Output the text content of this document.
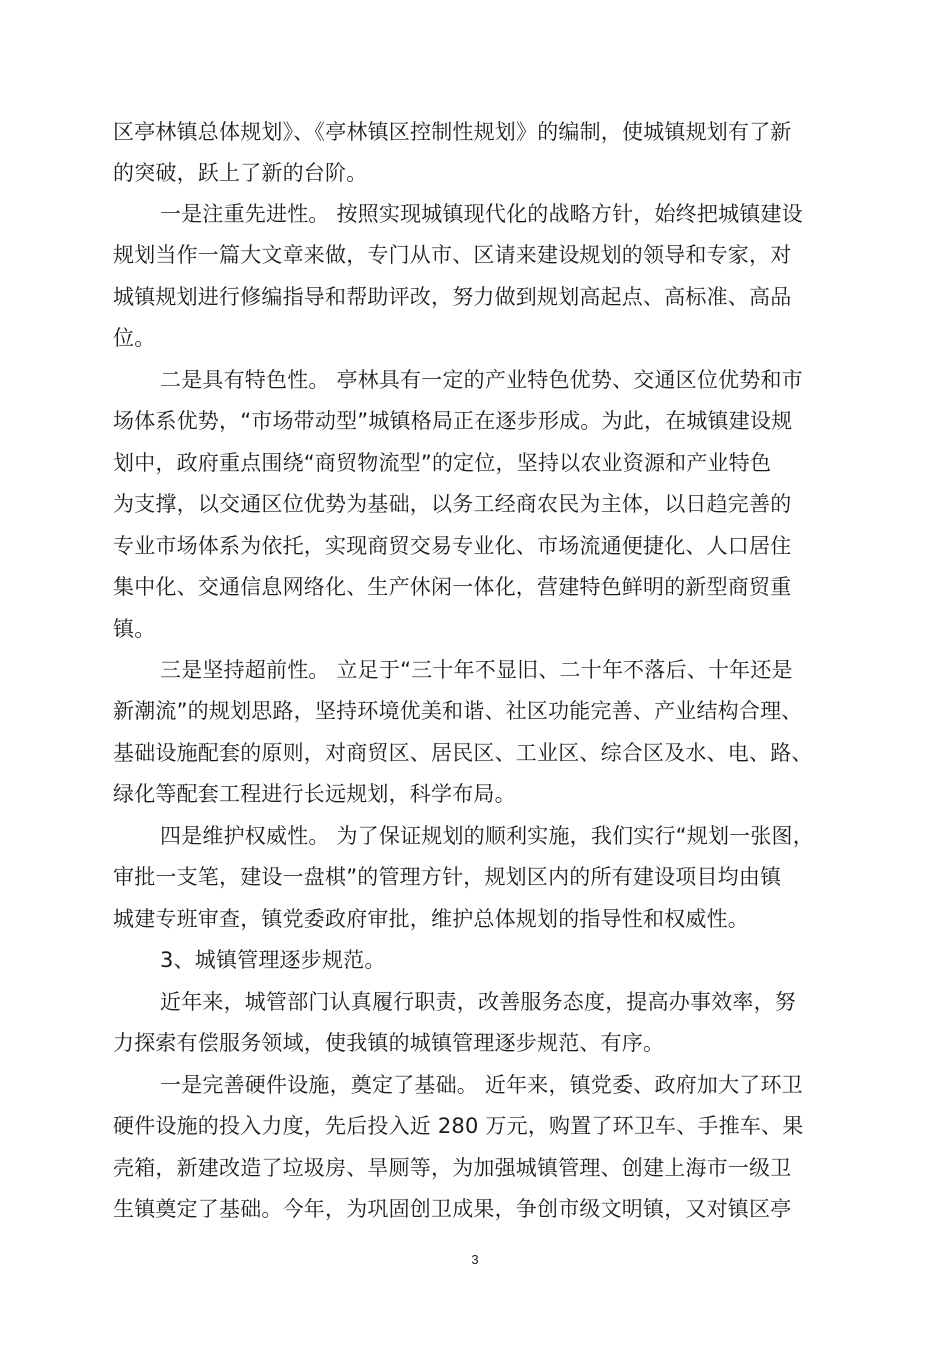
区亭林镇总体规划》、《亭林镇区控制性规划》的编制，使城镇规划有了新
的突破，跃上了新的台阶。
一是注重先进性。 按照实现城镇现代化的战略方针，始终把城镇建设
规划当作一篇大文章来做，专门从市、区请来建设规划的领导和专家，对
城镇规划进行修编指导和帮助评改，努力做到规划高起点、高标准、高品
位。
二是具有特色性。 亭林具有一定的产业特色优势、交通区位优势和市
场体系优势，“市场带动型”城镇格局正在逐步形成。为此，在城镇建设规
划中，政府重点围绕“商贸物流型”的定位，坚持以农业资源和产业特色
为支撑，以交通区位优势为基础，以务工经商农民为主体，以日趋完善的
专业市场体系为依托，实现商贸交易专业化、市场流通便捷化、人口居住
集中化、交通信息网络化、生产休闲一体化，营建特色鲜明的新型商贸重
镇。
三是坚持超前性。 立足于“三十年不显旧、二十年不落后、十年还是
新潮流”的规划思路，坚持环境优美和谐、社区功能完善、产业结构合理、
基础设施配套的原则，对商贸区、居民区、工业区、综合区及水、电、路、
绿化等配套工程进行长远规划，科学布局。
四是维护权威性。 为了保证规划的顺利实施，我们实行“规划一张图，
审批一支笔，建设一盘棋”的管理方针，规划区内的所有建设项目均由镇
城建专班审查，镇党委政府审批，维护总体规划的指导性和权威性。
3、城镇管理逐步规范。
近年来，城管部门认真履行职责，改善服务态度，提高办事效率，努
力探索有偿服务领域，使我镇的城镇管理逐步规范、有序。
一是完善硬件设施，奠定了基础。 近年来，镇党委、政府加大了环卫
硬件设施的投入力度，先后投入近 280 万元，购置了环卫车、手推车、果
壳箱，新建改造了垃圾房、旱厕等，为加强城镇管理、创建上海市一级卫
生镇奠定了基础。今年，为巩固创卫成果，争创市级文明镇，又对镇区亭
3
